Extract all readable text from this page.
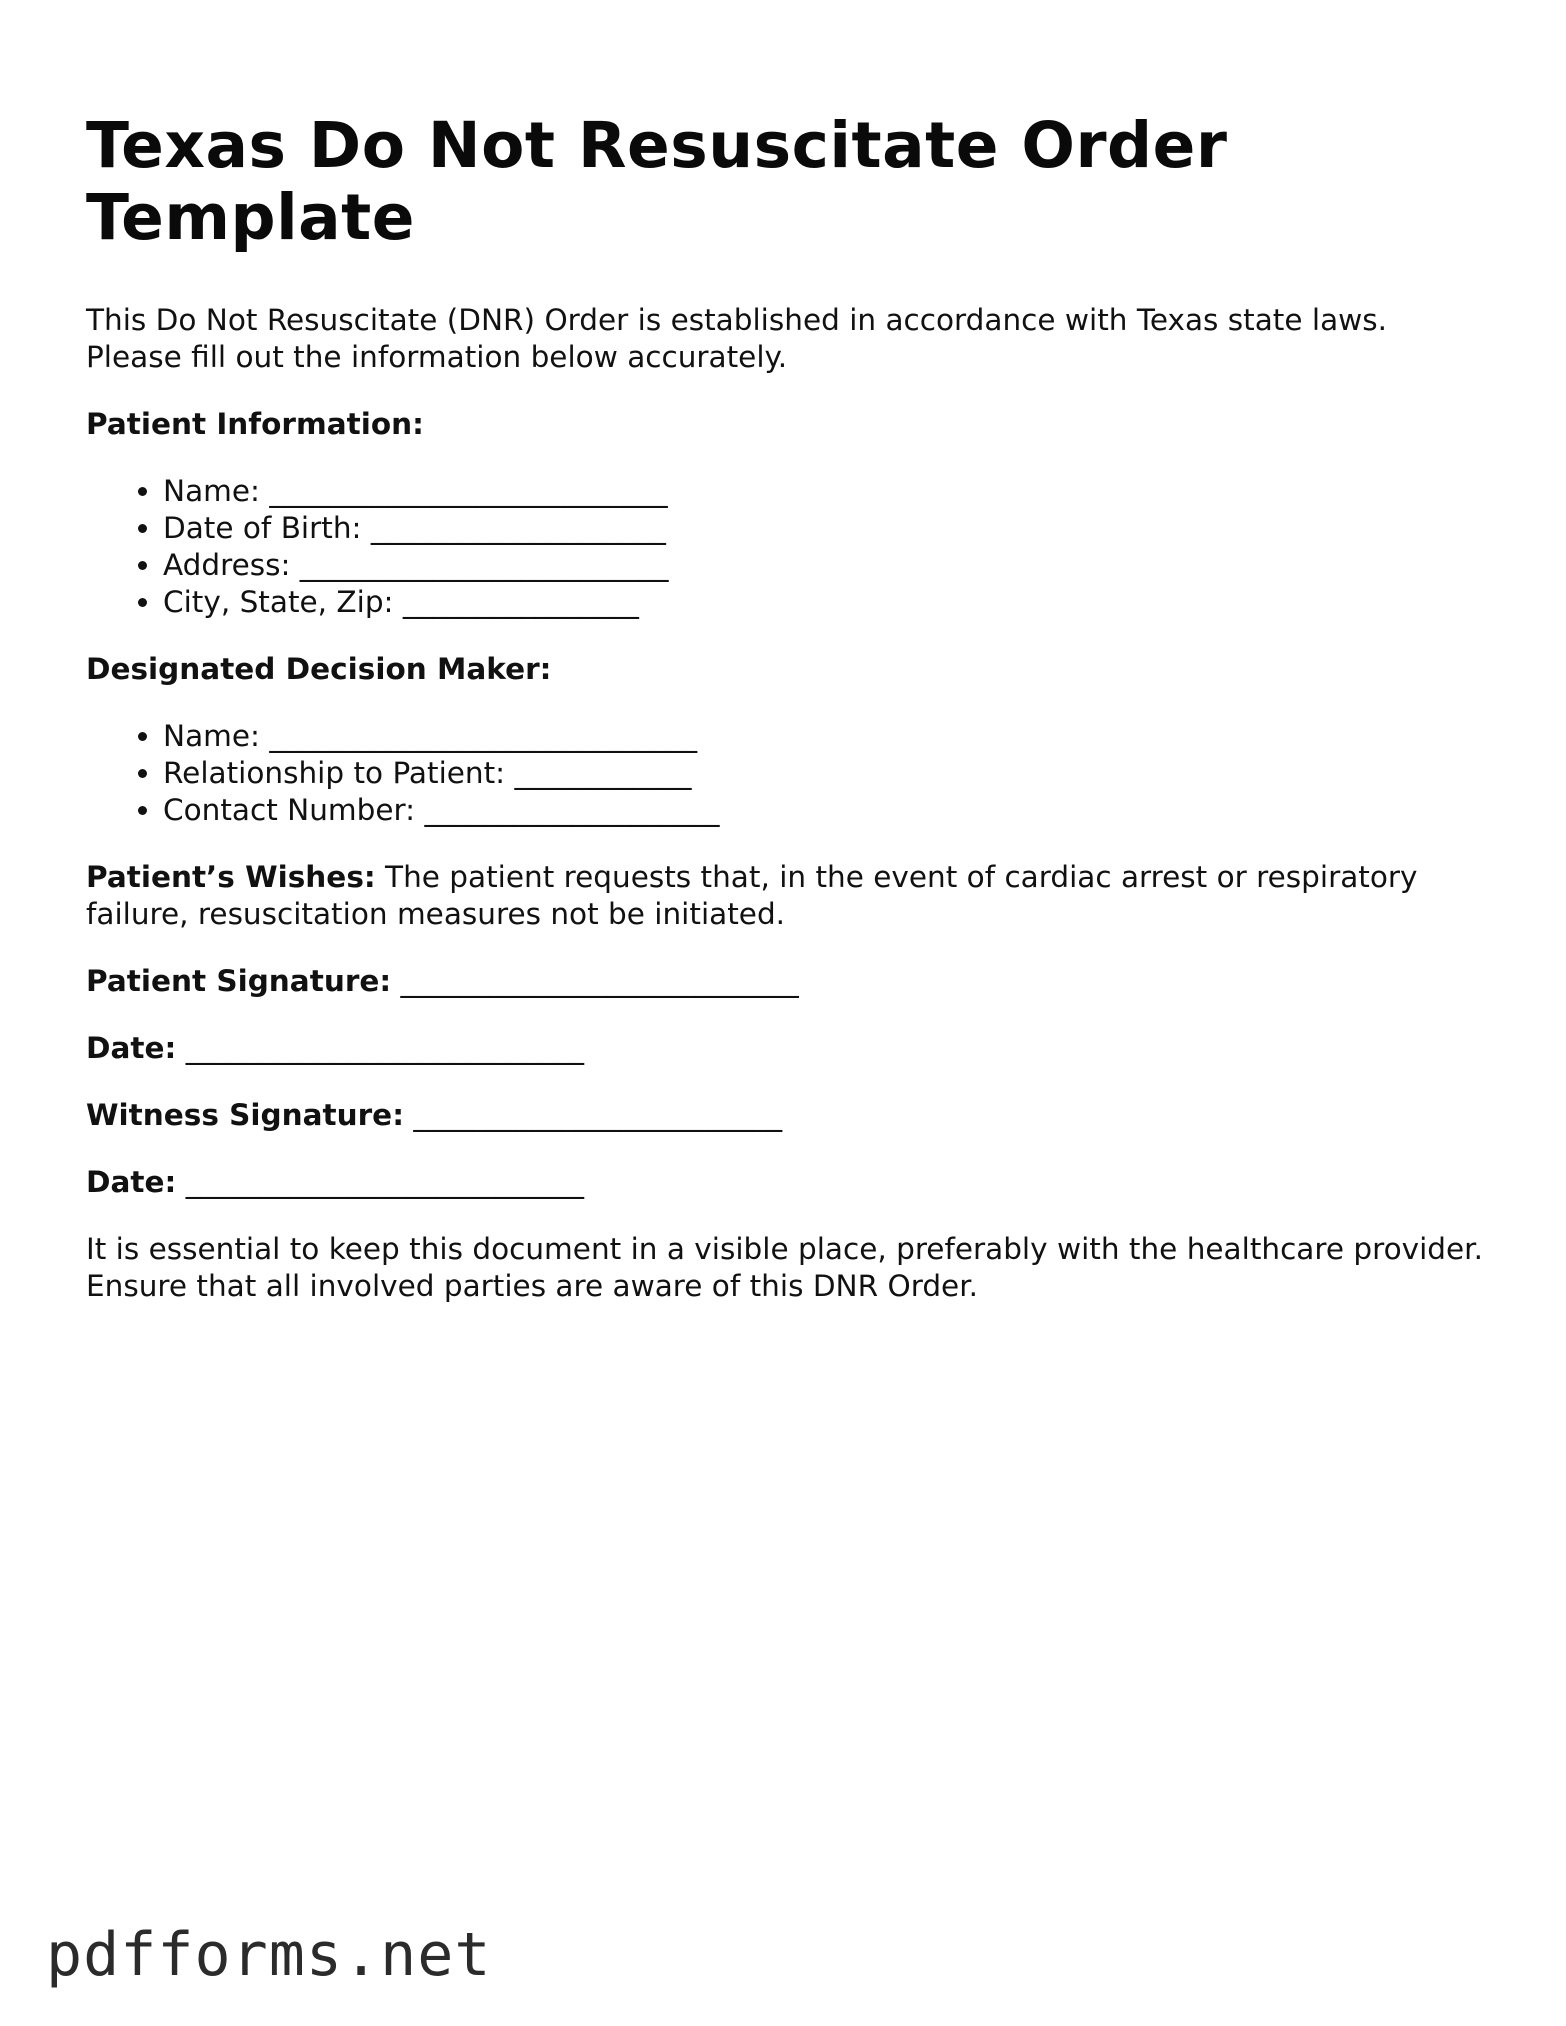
Texas Do Not Resuscitate Order
Template

This Do Not Resuscitate (DNR) Order is established in accordance with Texas state laws. Please fill out the information below accurately.

Patient Information:
• Name: ___________________________
• Date of Birth: ____________________
• Address: _________________________
• City, State, Zip: ________________
Designated Decision Maker:
• Name: _____________________________
• Relationship to Patient: ____________
• Contact Number: ____________________

Patient’s Wishes: The patient requests that, in the event of cardiac arrest or respiratory failure, resuscitation measures not be initiated.

Patient Signature: ___________________________

Date: ___________________________

Witness Signature: _________________________

Date: ___________________________

It is essential to keep this document in a visible place, preferably with the healthcare provider. Ensure that all involved parties are aware of this DNR Order.

pdfforms.net
